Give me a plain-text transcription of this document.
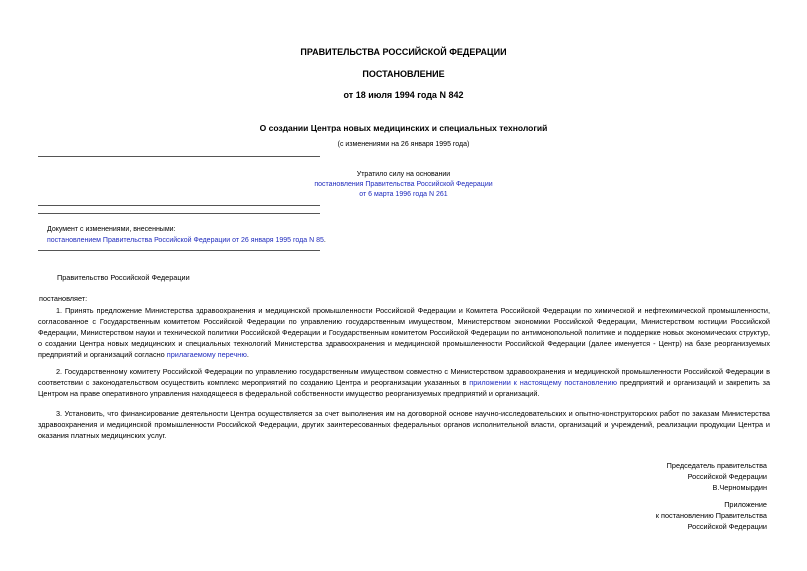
ПРАВИТЕЛЬСТВА РОССИЙСКОЙ ФЕДЕРАЦИИ
ПОСТАНОВЛЕНИЕ
от 18 июля 1994 года N 842
О создании Центра новых медицинских и специальных технологий
(с изменениями на 26 января 1995 года)
Утратило силу на основании
постановления Правительства Российской Федерации
от 6 марта 1996 года N 261
Документ с изменениями, внесенными:
постановлением Правительства Российской Федерации от 26 января 1995 года N 85.
Правительство Российской Федерации
постановляет:
1. Принять предложение Министерства здравоохранения и медицинской промышленности Российской Федерации и Комитета Российской Федерации по химической и нефтехимической промышленности, согласованное с Государственным комитетом Российской Федерации по управлению государственным имуществом, Министерством экономики Российской Федерации, Министерством юстиции Российской Федерации, Министерством науки и технической политики Российской Федерации и Государственным комитетом Российской Федерации по антимонопольной политике и поддержке новых экономических структур, о создании Центра новых медицинских и специальных технологий Министерства здравоохранения и медицинской промышленности Российской Федерации (далее именуется - Центр) на базе реорганизуемых предприятий и организаций согласно прилагаемому перечню.
2. Государственному комитету Российской Федерации по управлению государственным имуществом совместно с Министерством здравоохранения и медицинской промышленности Российской Федерации в соответствии с законодательством осуществить комплекс мероприятий по созданию Центра и реорганизации указанных в приложении к настоящему постановлению предприятий и организаций и закрепить за Центром на праве оперативного управления находящееся в федеральной собственности имущество реорганизуемых предприятий и организаций.
3. Установить, что финансирование деятельности Центра осуществляется за счет выполнения им на договорной основе научно-исследовательских и опытно-конструкторских работ по заказам Министерства здравоохранения и медицинской промышленности Российской Федерации, других заинтересованных федеральных органов исполнительной власти, организаций и учреждений, реализации продукции Центра и оказания платных медицинских услуг.
Председатель правительства
Российской Федерации
В.Черномырдин
Приложение
к постановлению Правительства
Российской Федерации
